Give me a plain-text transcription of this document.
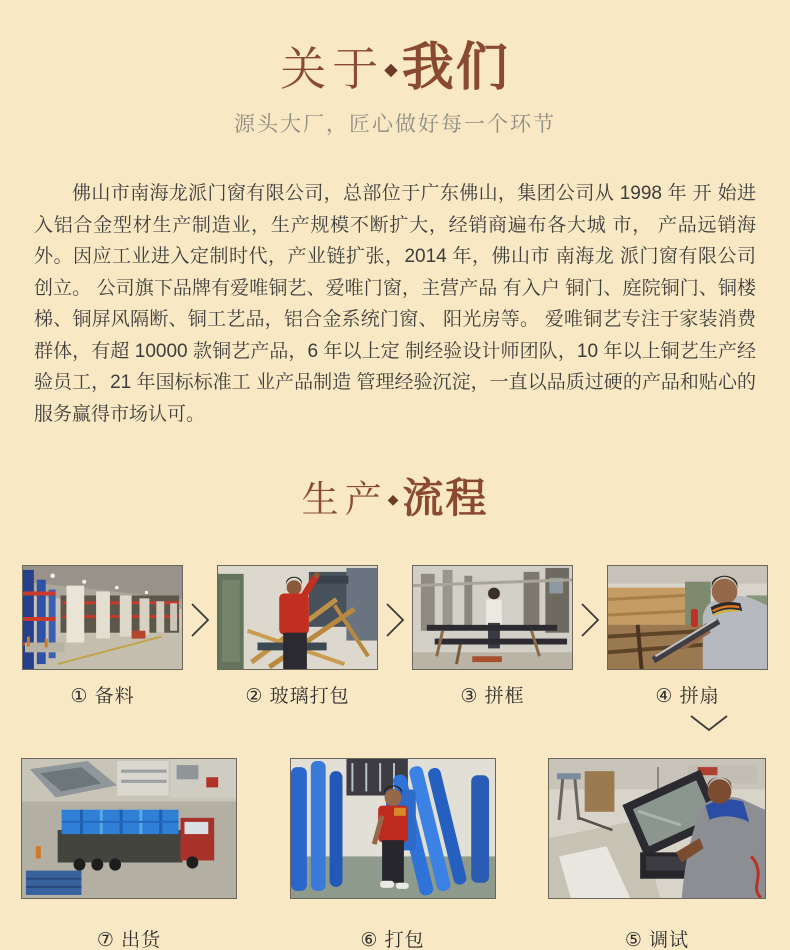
关于◆我们
源头大厂，匠心做好每一个环节

佛山市南海龙派门窗有限公司，总部位于广东佛山，集团公司从 1998 年 开 始进入铝合金型材生产制造业，生产规模不断扩大，经销商遍布各大城 市， 产品远销海外。因应工业进入定制时代，产业链扩张，2014 年，佛山市 南海龙 派门窗有限公司创立。 公司旗下品牌有爱唯铜艺、爱唯门窗，主营产品 有入户 铜门、庭院铜门、铜楼梯、铜屏风隔断、铜工艺品，铝合金系统门窗、 阳光房等。 爱唯铜艺专注于家装消费群体，有超 10000 款铜艺产品，6 年以上定 制经验设计师团队，10 年以上铜艺生产经验员工，21 年国标标准工 业产品制造 管理经验沉淀，一直以品质过硬的产品和贴心的服务赢得市场认可。

生产◆流程
① 备料	② 玻璃打包	③ 拼框	④ 拼扇
⑦ 出货	⑥ 打包	⑤ 调试
